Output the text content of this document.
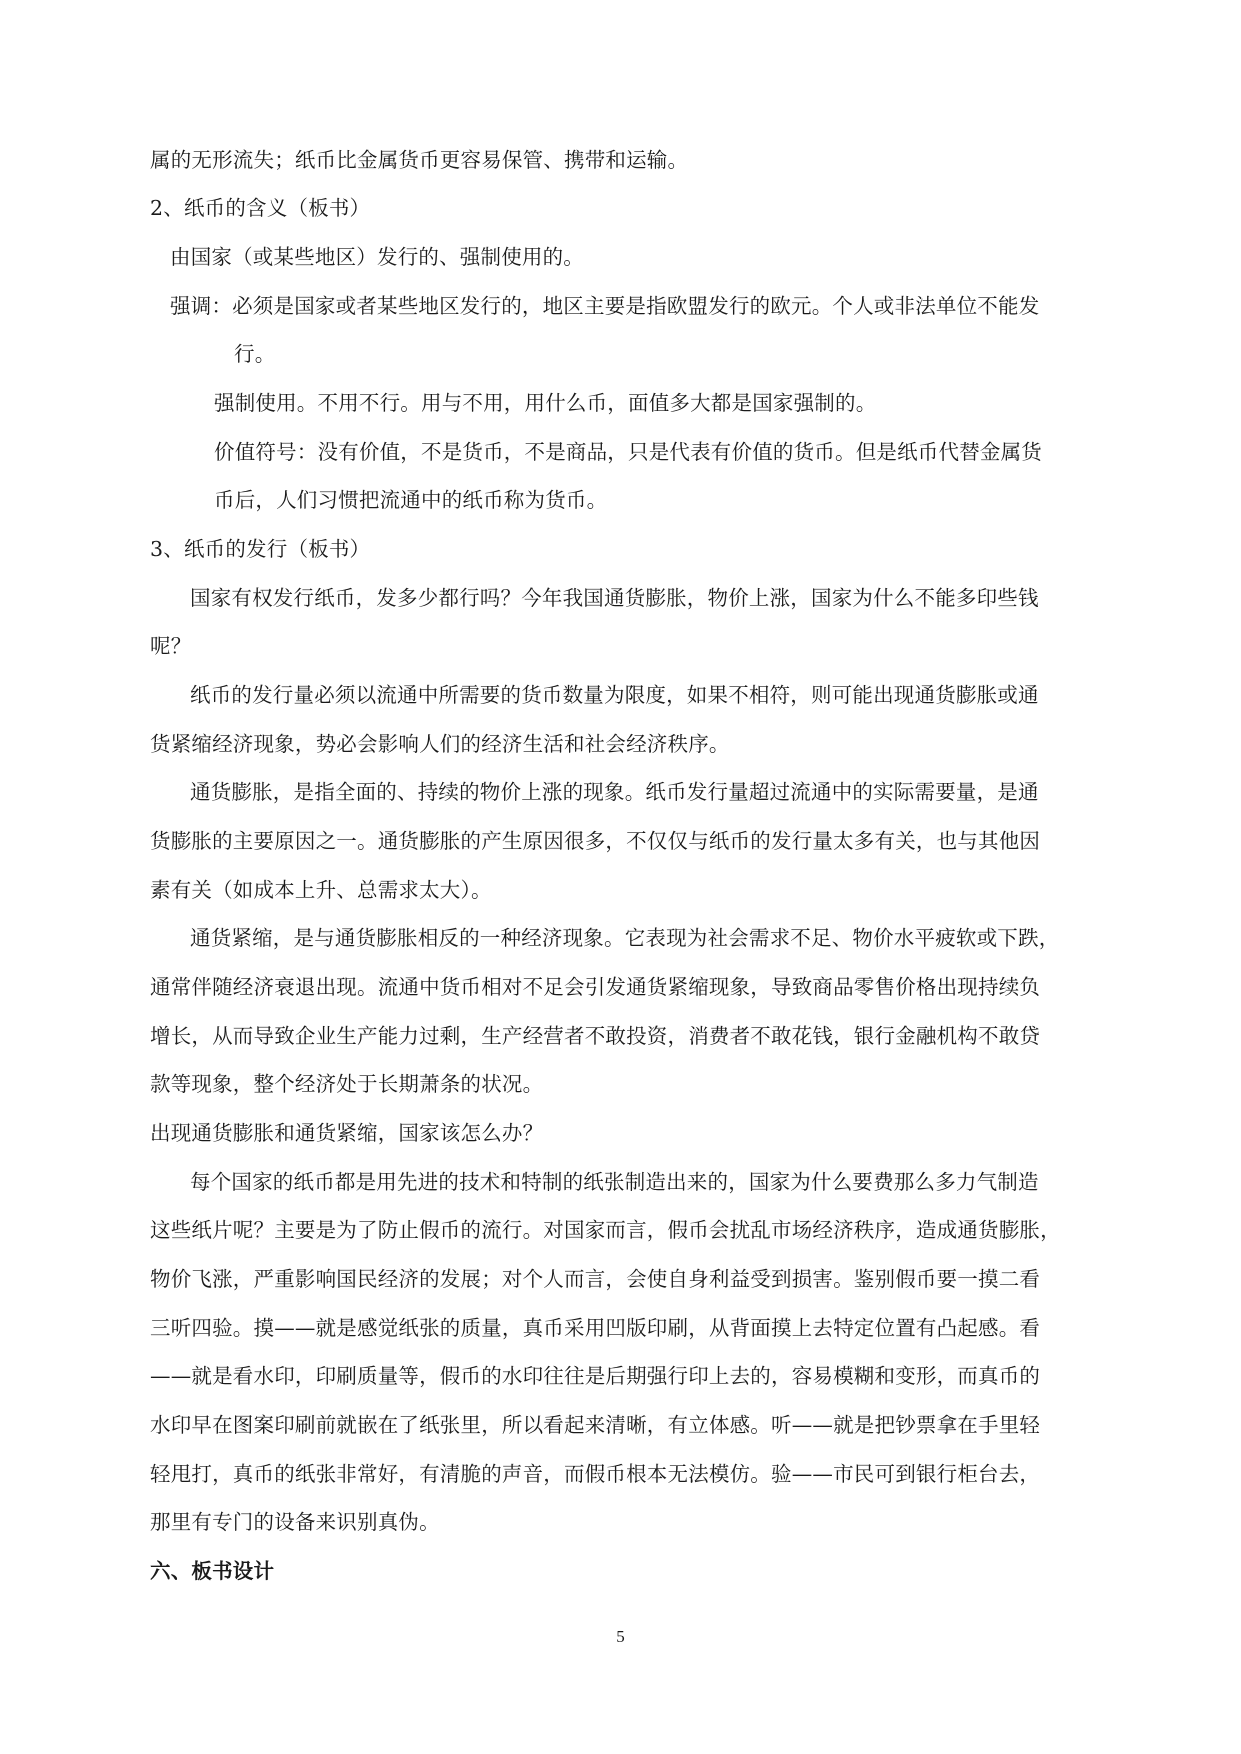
属的无形流失；纸币比金属货币更容易保管、携带和运输。
2、纸币的含义（板书）
由国家（或某些地区）发行的、强制使用的。
强调：必须是国家或者某些地区发行的，地区主要是指欧盟发行的欧元。个人或非法单位不能发
行。
强制使用。不用不行。用与不用，用什么币，面值多大都是国家强制的。
价值符号：没有价值，不是货币，不是商品，只是代表有价值的货币。但是纸币代替金属货
币后，人们习惯把流通中的纸币称为货币。
3、纸币的发行（板书）
国家有权发行纸币，发多少都行吗？今年我国通货膨胀，物价上涨，国家为什么不能多印些钱
呢？
纸币的发行量必须以流通中所需要的货币数量为限度，如果不相符，则可能出现通货膨胀或通
货紧缩经济现象，势必会影响人们的经济生活和社会经济秩序。
通货膨胀，是指全面的、持续的物价上涨的现象。纸币发行量超过流通中的实际需要量，是通
货膨胀的主要原因之一。通货膨胀的产生原因很多，不仅仅与纸币的发行量太多有关，也与其他因
素有关（如成本上升、总需求太大）。
通货紧缩，是与通货膨胀相反的一种经济现象。它表现为社会需求不足、物价水平疲软或下跌，
通常伴随经济衰退出现。流通中货币相对不足会引发通货紧缩现象，导致商品零售价格出现持续负
增长，从而导致企业生产能力过剩，生产经营者不敢投资，消费者不敢花钱，银行金融机构不敢贷
款等现象，整个经济处于长期萧条的状况。
出现通货膨胀和通货紧缩，国家该怎么办？
每个国家的纸币都是用先进的技术和特制的纸张制造出来的，国家为什么要费那么多力气制造
这些纸片呢？主要是为了防止假币的流行。对国家而言，假币会扰乱市场经济秩序，造成通货膨胀，
物价飞涨，严重影响国民经济的发展；对个人而言，会使自身利益受到损害。鉴别假币要一摸二看
三听四验。摸——就是感觉纸张的质量，真币采用凹版印刷，从背面摸上去特定位置有凸起感。看
——就是看水印，印刷质量等，假币的水印往往是后期强行印上去的，容易模糊和变形，而真币的
水印早在图案印刷前就嵌在了纸张里，所以看起来清晰，有立体感。听——就是把钞票拿在手里轻
轻甩打，真币的纸张非常好，有清脆的声音，而假币根本无法模仿。验——市民可到银行柜台去，
那里有专门的设备来识别真伪。
六、板书设计
5
